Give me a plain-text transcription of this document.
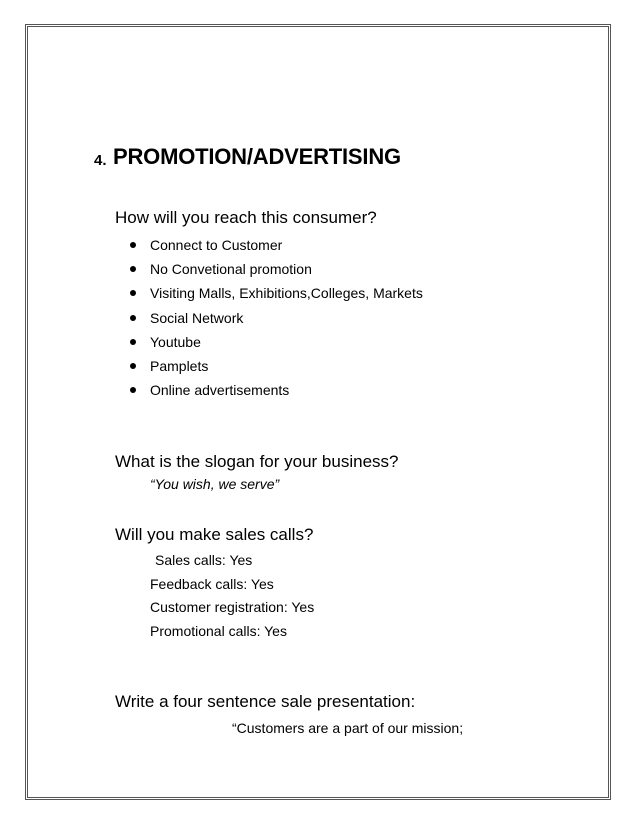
4. PROMOTION/ADVERTISING
How will you reach this consumer?
Connect to Customer
No Convetional promotion
Visiting Malls, Exhibitions,Colleges, Markets
Social Network
Youtube
Pamplets
Online advertisements
What is the slogan for your business?
“You wish, we serve”
Will you make sales calls?
Sales calls: Yes
Feedback calls: Yes
Customer registration: Yes
Promotional calls: Yes
Write a four sentence sale presentation:
“Customers are a part of our mission;
